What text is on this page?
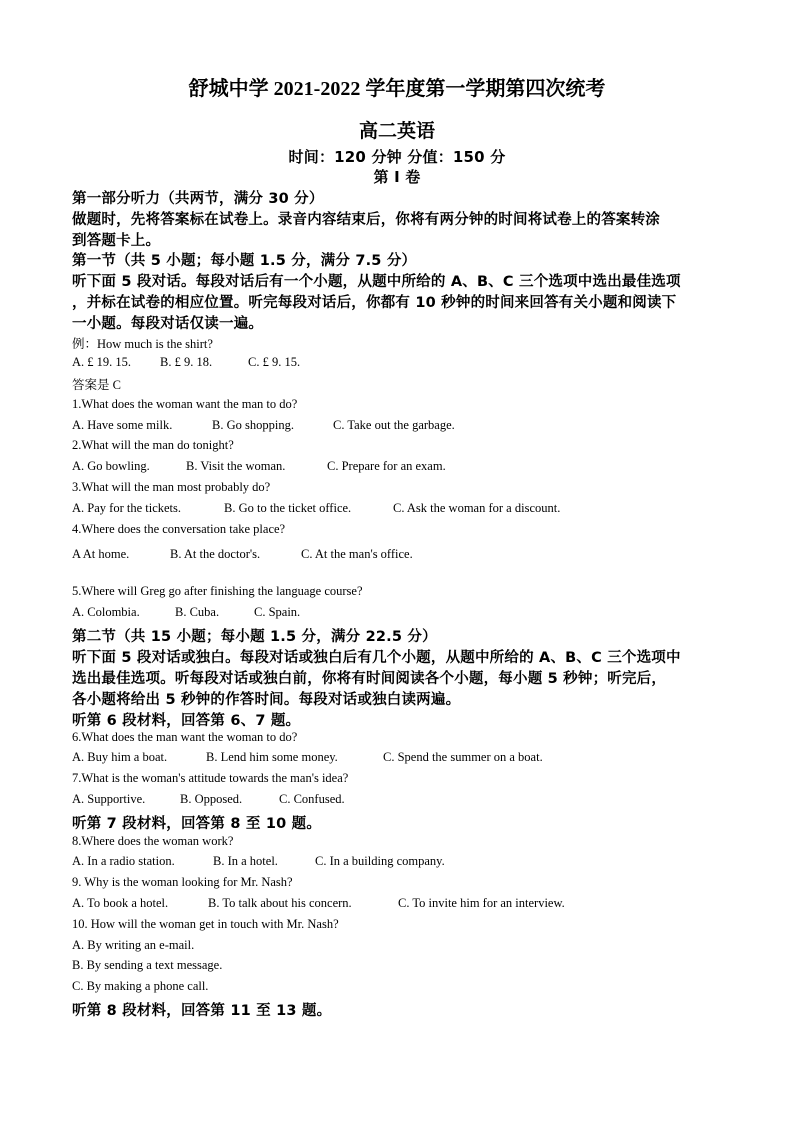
舒城中学 2021-2022 学年度第一学期第四次统考
高二英语
时间：120 分钟 分值：150 分
第 I 卷
第一部分听力（共两节，满分 30 分）
做题时，先将答案标在试卷上。录音内容结束后，你将有两分钟的时间将试卷上的答案转涂
到答题卡上。
第一节（共 5 小题；每小题 1.5 分，满分 7.5 分）
听下面 5 段对话。每段对话后有一个小题，从题中所给的 A、B、C 三个选项中选出最佳选项
，并标在试卷的相应位置。听完每段对话后，你都有 10 秒钟的时间来回答有关小题和阅读下
一小题。每段对话仅读一遍。
例：How much is the shirt?
A. £ 19. 15. B. £ 9. 18.	C. £ 9. 15.
答案是 C
1.What does the woman want the man to do?
A. Have some milk.	B. Go shopping.	C. Take out the garbage.
2.What will the man do tonight?
A. Go bowling.	B. Visit the woman.	C. Prepare for an exam.
3.What will the man most probably do?
A. Pay for the tickets.	B. Go to the ticket office.	C. Ask the woman for a discount.
4.Where does the conversation take place?
A At home.	B. At the doctor's.	C. At the man's office.
5.Where will Greg go after finishing the language course?
A. Colombia.	B. Cuba.	C. Spain.
第二节（共 15 小题；每小题 1.5 分，满分 22.5 分）
听下面 5 段对话或独白。每段对话或独白后有几个小题，从题中所给的 A、B、C 三个选项中
选出最佳选项。听每段对话或独白前，你将有时间阅读各个小题，每小题 5 秒钟；听完后，
各小题将给出 5 秒钟的作答时间。每段对话或独白读两遍。
听第 6 段材料，回答第 6、7 题。
6.What does the man want the woman to do?
A. Buy him a boat.	B. Lend him some money.	C. Spend the summer on a boat.
7.What is the woman's attitude towards the man's idea?
A. Supportive.	B. Opposed.	C. Confused.
听第 7 段材料，回答第 8 至 10 题。
8.Where does the woman work?
A. In a radio station.	B. In a hotel.	C. In a building company.
9. Why is the woman looking for Mr. Nash?
A. To book a hotel.	B. To talk about his concern.	C. To invite him for an interview.
10. How will the woman get in touch with Mr. Nash?
A. By writing an e-mail.
B. By sending a text message.
C. By making a phone call.
听第 8 段材料，回答第 11 至 13 题。
